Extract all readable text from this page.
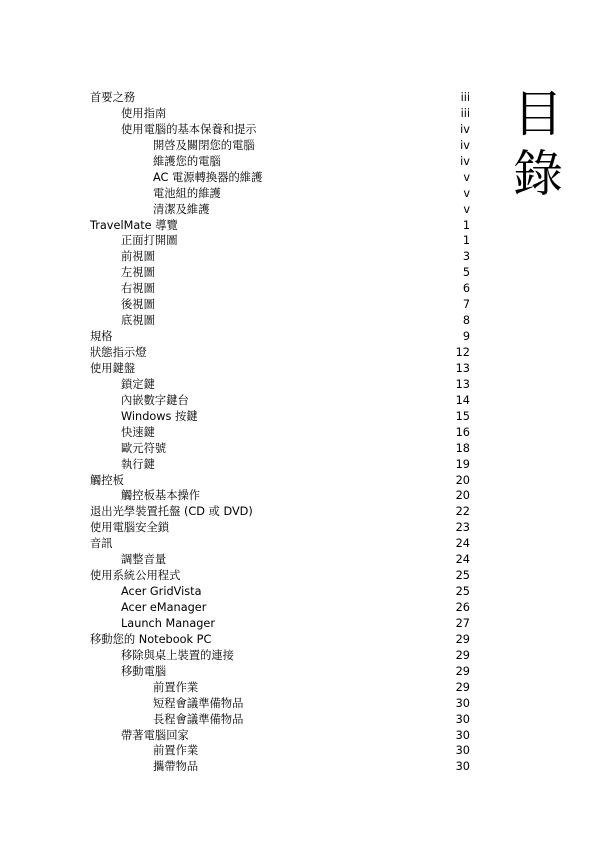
首要之務	iii
使用指南	iii
使用電腦的基本保養和提示	iv
開啓及關閉您的電腦	iv
維護您的電腦	iv
AC 電源轉換器的維護	v
電池組的維護	v
清潔及維護	v
TravelMate 導覽	1
正面打開圖	1
前視圖	3
左視圖	5
右視圖	6
後視圖	7
底視圖	8
規格	9
狀態指示燈	12
使用鍵盤	13
鎖定鍵	13
內嵌數字鍵台	14
Windows 按鍵	15
快速鍵	16
歐元符號	18
執行鍵	19
觸控板	20
觸控板基本操作	20
退出光學裝置托盤 (CD 或 DVD)	22
使用電腦安全鎖	23
音訊	24
調整音量	24
使用系統公用程式	25
Acer GridVista	25
Acer eManager	26
Launch Manager	27
移動您的 Notebook PC	29
移除與桌上裝置的連接	29
移動電腦	29
前置作業	29
短程會議準備物品	30
長程會議準備物品	30
帶著電腦回家	30
前置作業	30
攜帶物品	30
目
錄
